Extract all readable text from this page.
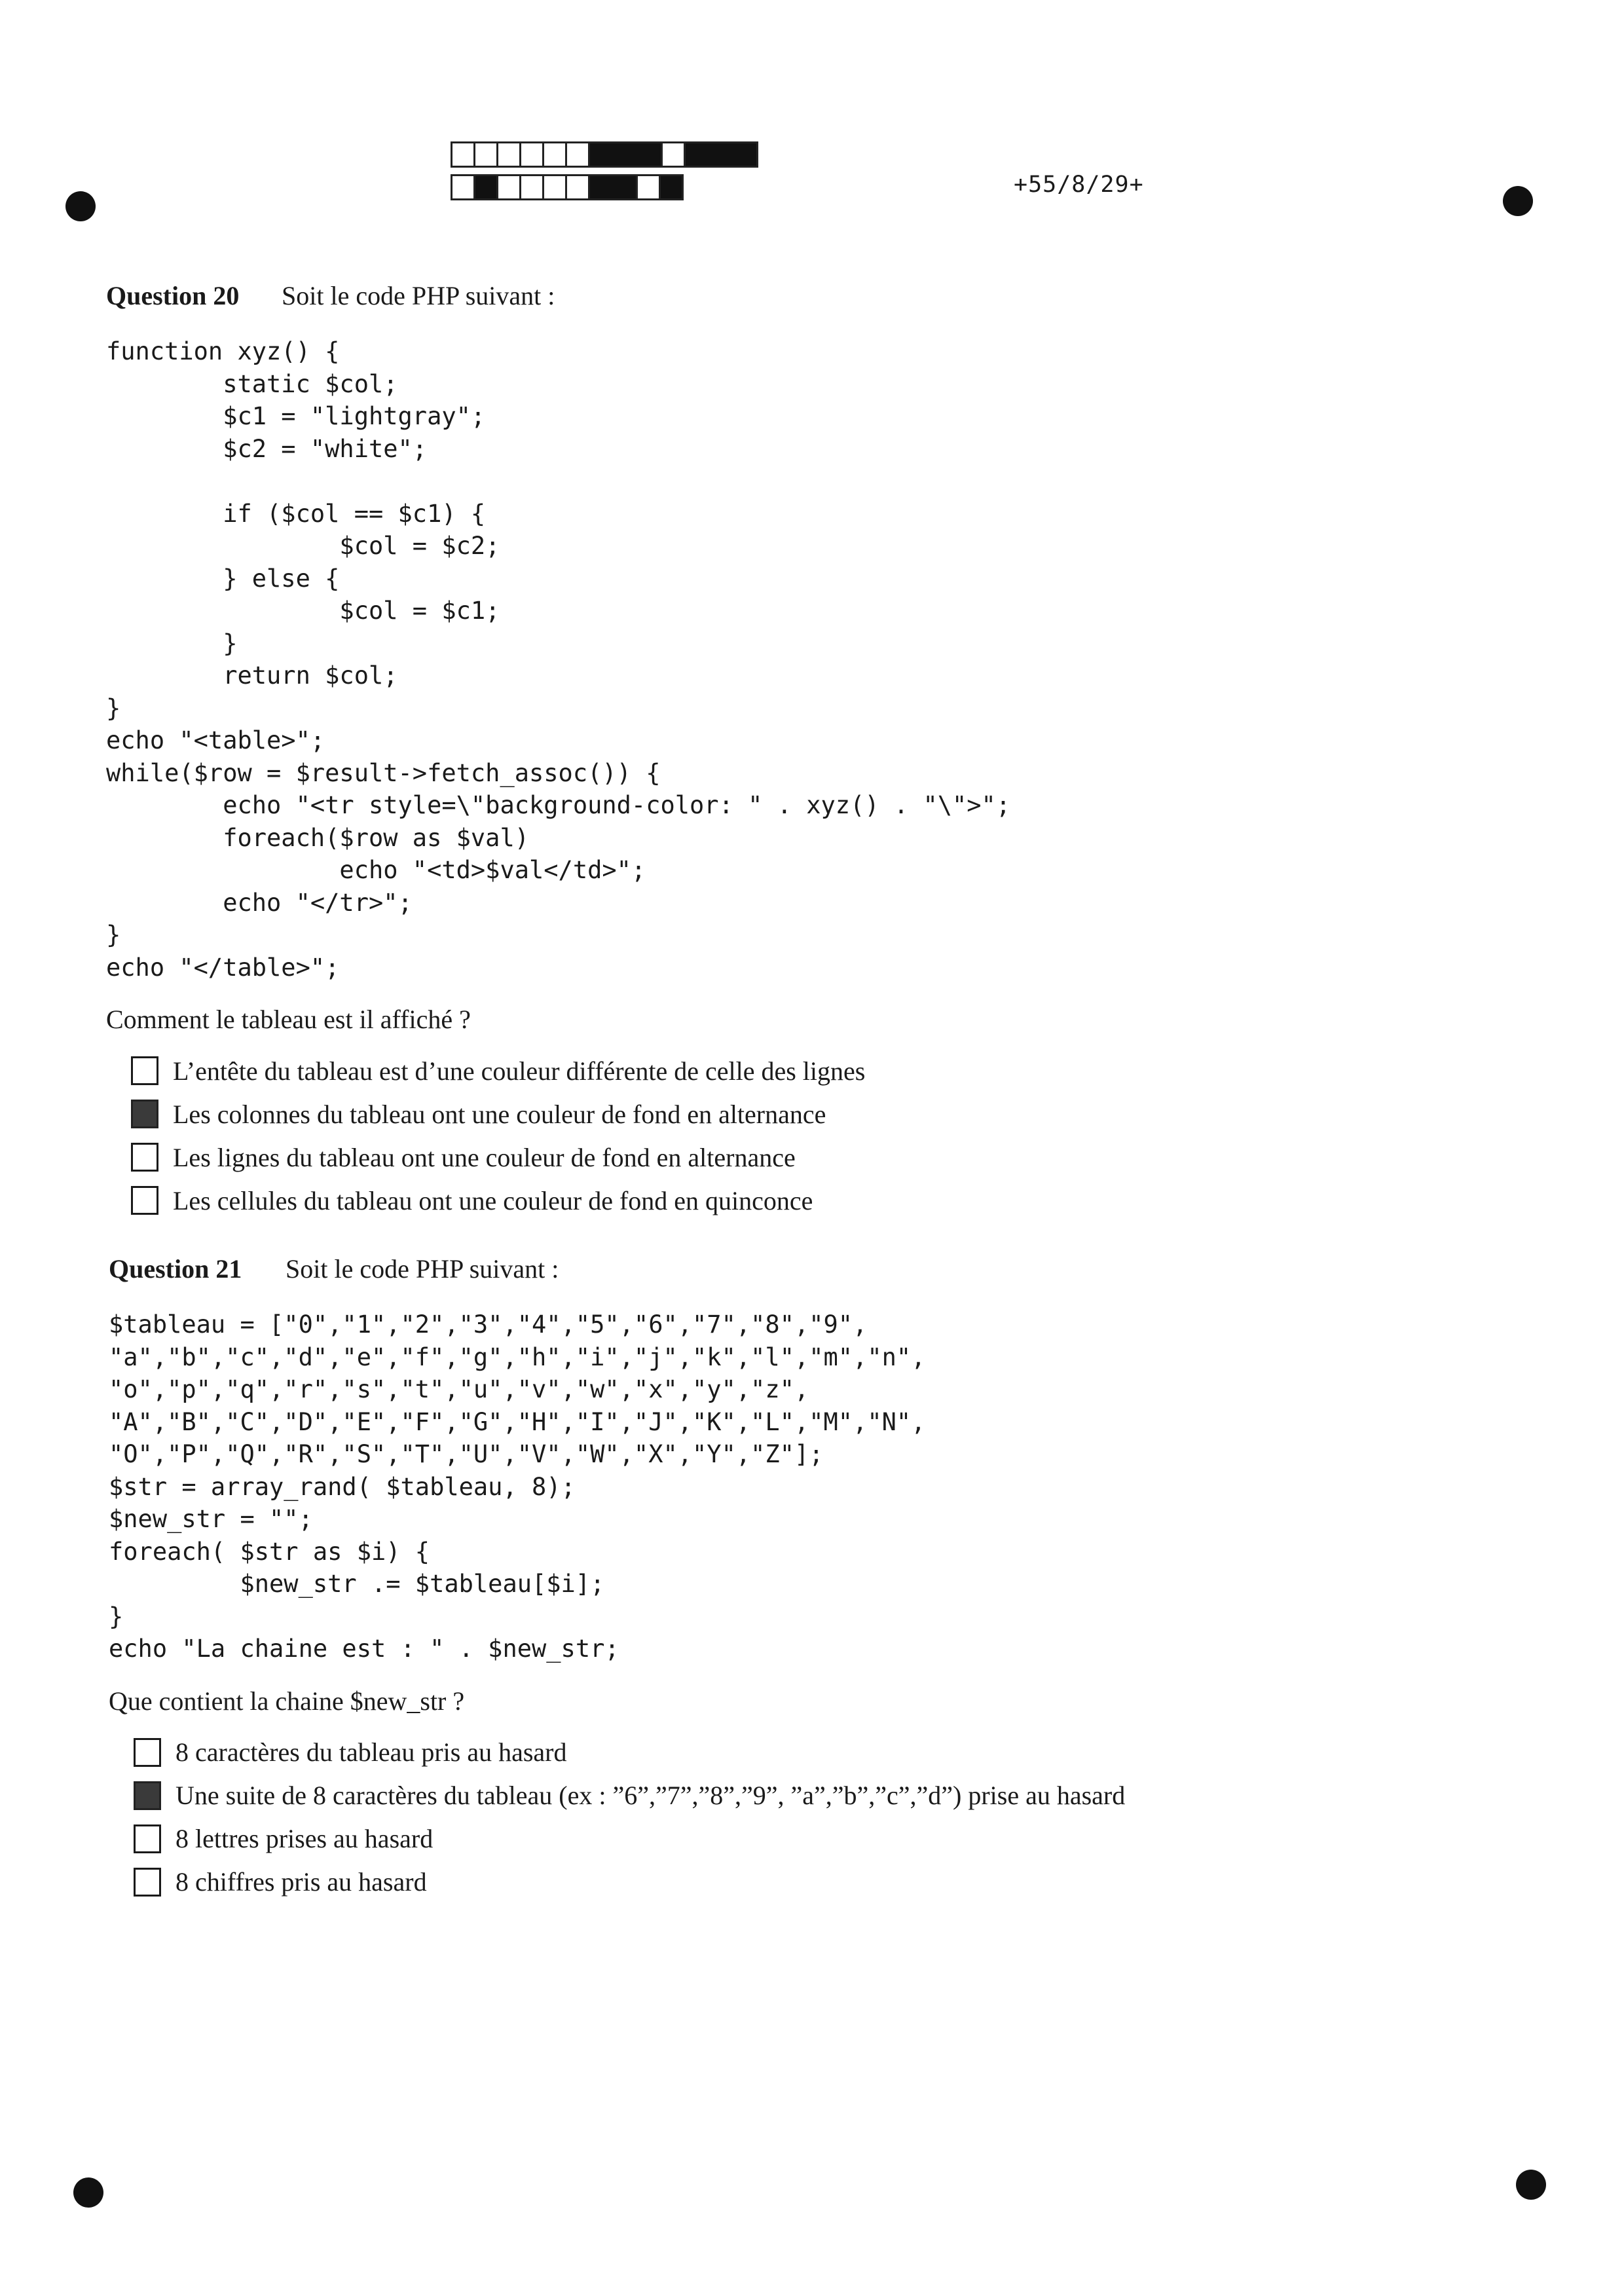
+55/8/29+
Question 20 Soit le code PHP suivant :
function xyz() {
static $col;
$c1 = "lightgray";
$c2 = "white";

if ($col == $c1) {
$col = $c2;
} else {
$col = $c1;
}
return $col;
}
echo "<table>";
while($row = $result->fetch_assoc()) {
echo "<tr style=\"background-color: " . xyz() . "\">";
foreach($row as $val)
echo "<td>$val</td>";
echo "</tr>";
}
echo "</table>";
Comment le tableau est il affiché ?
L’entête du tableau est d’une couleur différente de celle des lignes
Les colonnes du tableau ont une couleur de fond en alternance
Les lignes du tableau ont une couleur de fond en alternance
Les cellules du tableau ont une couleur de fond en quinconce
Question 21 Soit le code PHP suivant :
$tableau = ["0","1","2","3","4","5","6","7","8","9",
"a","b","c","d","e","f","g","h","i","j","k","l","m","n",
"o","p","q","r","s","t","u","v","w","x","y","z",
"A","B","C","D","E","F","G","H","I","J","K","L","M","N",
"O","P","Q","R","S","T","U","V","W","X","Y","Z"];
$str = array_rand( $tableau, 8);
$new_str = "";
foreach( $str as $i) {
$new_str .= $tableau[$i];
}
echo "La chaine est : " . $new_str;
Que contient la chaine $new_str ?
8 caractères du tableau pris au hasard
Une suite de 8 caractères du tableau (ex : ”6”,”7”,”8”,”9”, ”a”,”b”,”c”,”d”) prise au hasard
8 lettres prises au hasard
8 chiffres pris au hasard
